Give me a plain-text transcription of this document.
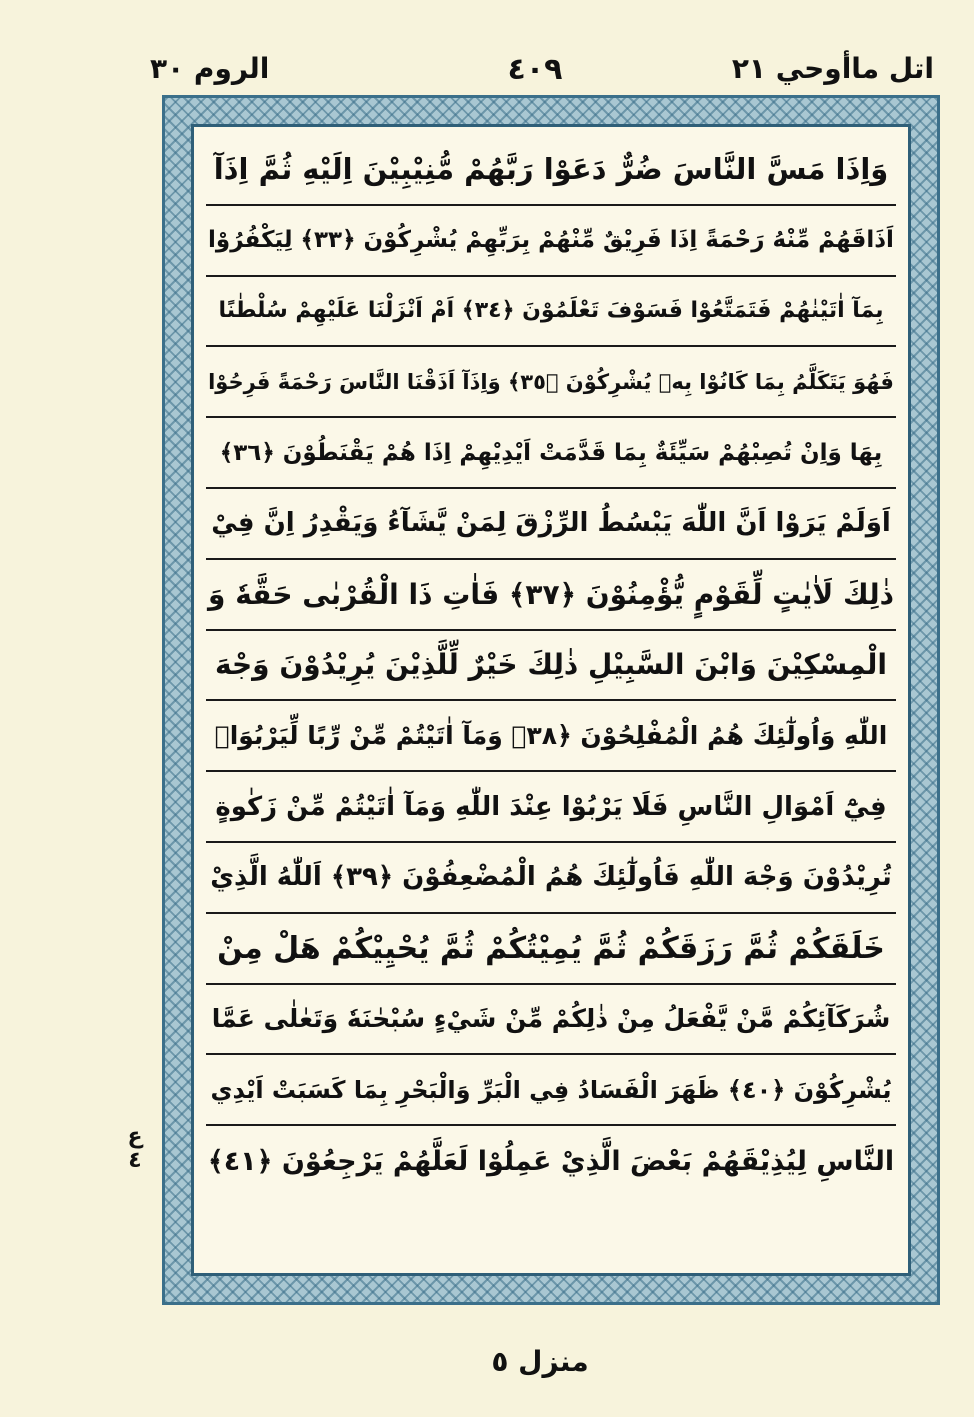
الروم ٣٠	٤٠٩	اتل ماأوحي ٢١
وَاِذَا مَسَّ النَّاسَ ضُرٌّ دَعَوْا رَبَّهُمْ مُّنِيْبِيْنَ اِلَيْهِ ثُمَّ اِذَآ
اَذَاقَهُمْ مِّنْهُ رَحْمَةً اِذَا فَرِيْقٌ مِّنْهُمْ بِرَبِّهِمْ يُشْرِكُوْنَ ﴿٣٣﴾ لِيَكْفُرُوْا
بِمَآ اٰتَيْنٰهُمْ فَتَمَتَّعُوْا فَسَوْفَ تَعْلَمُوْنَ ﴿٣٤﴾ اَمْ اَنْزَلْنَا عَلَيْهِمْ سُلْطٰنًا
فَهُوَ يَتَكَلَّمُ بِمَا كَانُوْا بِهٖ يُشْرِكُوْنَ ﴿٣٥﴾ وَاِذَآ اَذَقْنَا النَّاسَ رَحْمَةً فَرِحُوْا
بِهَا وَاِنْ تُصِبْهُمْ سَيِّئَةٌ بِمَا قَدَّمَتْ اَيْدِيْهِمْ اِذَا هُمْ يَقْنَطُوْنَ ﴿٣٦﴾
اَوَلَمْ يَرَوْا اَنَّ اللّٰهَ يَبْسُطُ الرِّزْقَ لِمَنْ يَّشَآءُ وَيَقْدِرُ اِنَّ فِيْ
ذٰلِكَ لَاٰيٰتٍ لِّقَوْمٍ يُّؤْمِنُوْنَ ﴿٣٧﴾ فَاٰتِ ذَا الْقُرْبٰى حَقَّهٗ وَ
الْمِسْكِيْنَ وَابْنَ السَّبِيْلِ ذٰلِكَ خَيْرٌ لِّلَّذِيْنَ يُرِيْدُوْنَ وَجْهَ
اللّٰهِ وَاُولٰٓئِكَ هُمُ الْمُفْلِحُوْنَ ﴿٣٨﴾ وَمَآ اٰتَيْتُمْ مِّنْ رِّبًا لِّيَرْبُوَا۠
فِيْٓ اَمْوَالِ النَّاسِ فَلَا يَرْبُوْا عِنْدَ اللّٰهِ وَمَآ اٰتَيْتُمْ مِّنْ زَكٰوةٍ
تُرِيْدُوْنَ وَجْهَ اللّٰهِ فَاُولٰٓئِكَ هُمُ الْمُضْعِفُوْنَ ﴿٣٩﴾ اَللّٰهُ الَّذِيْ
خَلَقَكُمْ ثُمَّ رَزَقَكُمْ ثُمَّ يُمِيْتُكُمْ ثُمَّ يُحْيِيْكُمْ هَلْ مِنْ
شُرَكَآئِكُمْ مَّنْ يَّفْعَلُ مِنْ ذٰلِكُمْ مِّنْ شَيْءٍ سُبْحٰنَهٗ وَتَعٰلٰى عَمَّا
يُشْرِكُوْنَ ﴿٤٠﴾ ظَهَرَ الْفَسَادُ فِي الْبَرِّ وَالْبَحْرِ بِمَا كَسَبَتْ اَيْدِي
النَّاسِ لِيُذِيْقَهُمْ بَعْضَ الَّذِيْ عَمِلُوْا لَعَلَّهُمْ يَرْجِعُوْنَ ﴿٤١﴾
ع ٤
منزل ٥
